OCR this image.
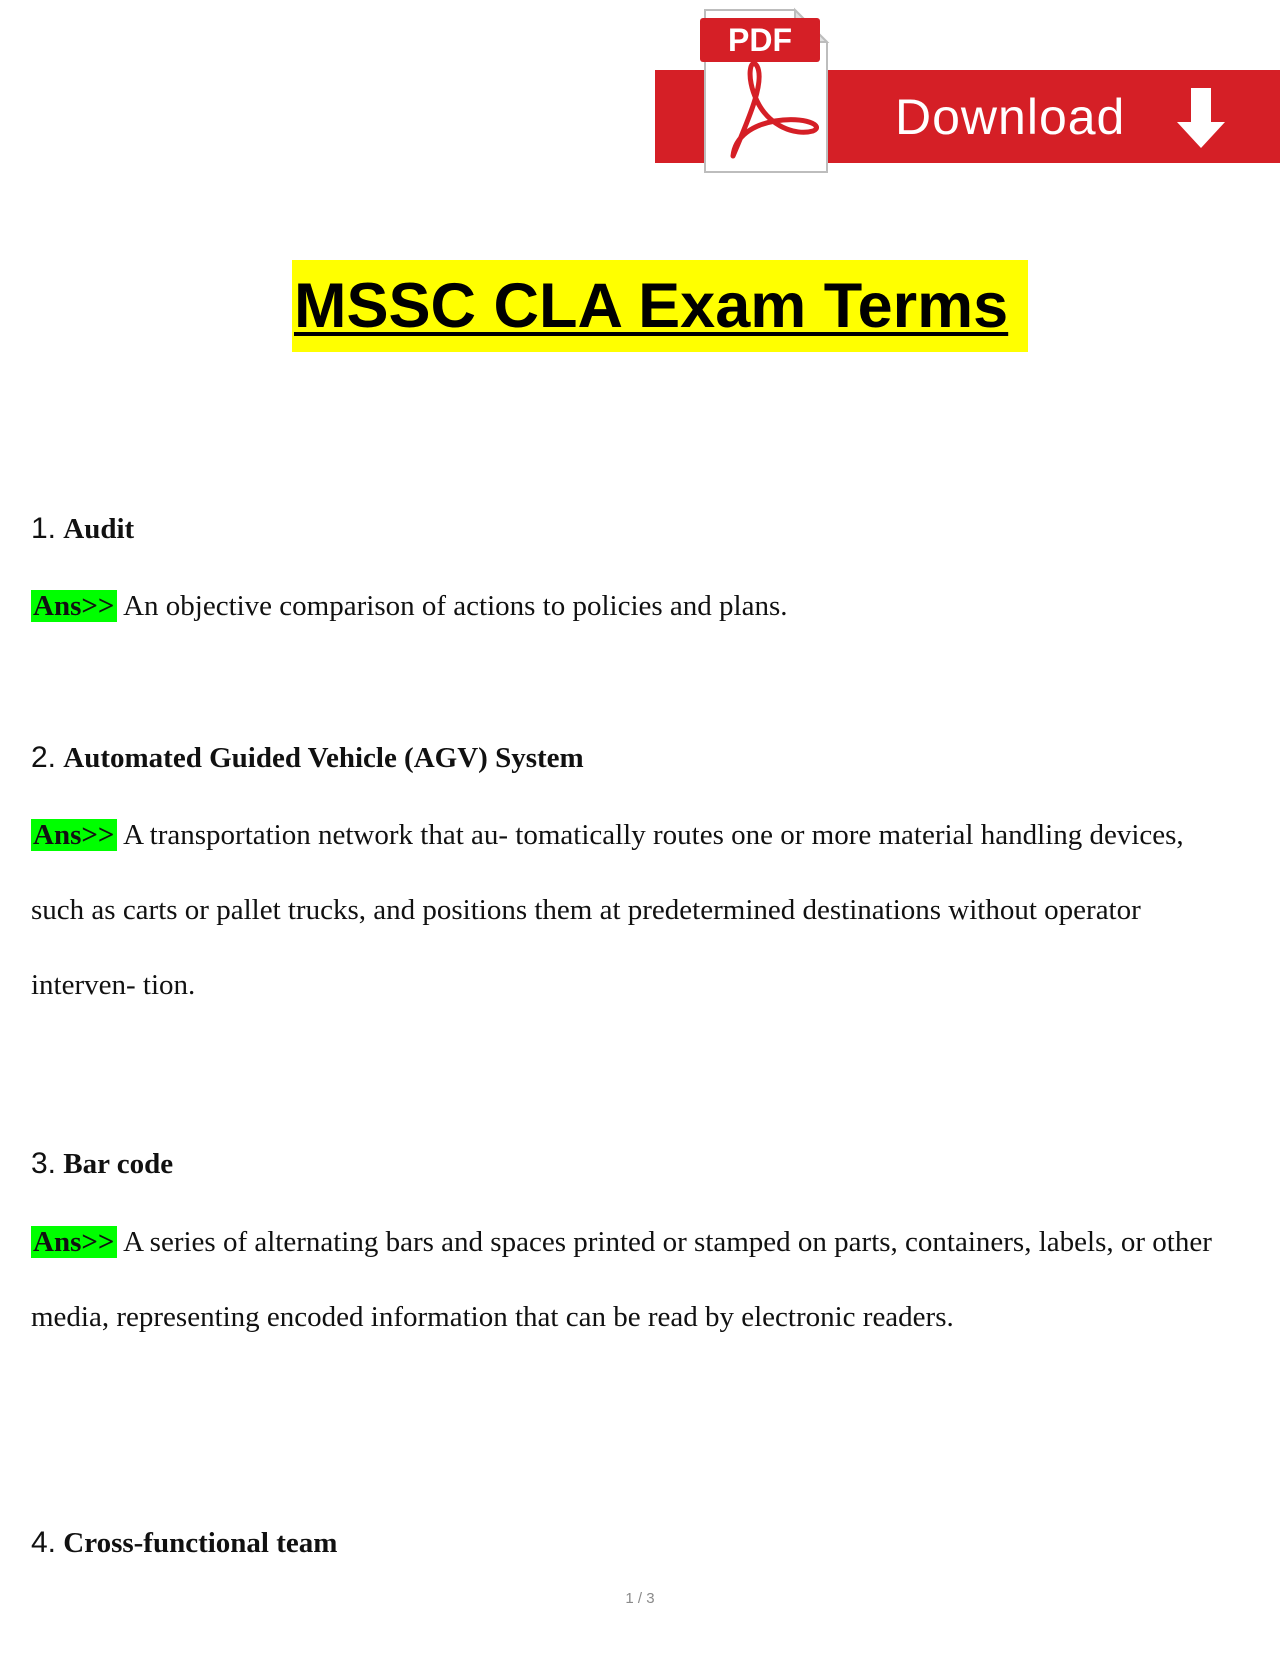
PDF
Download
MSSC CLA Exam Terms
1. Audit
Ans>> An objective comparison of actions to policies and plans.
2. Automated Guided Vehicle (AGV) System
Ans>> A transportation network that au- tomatically routes one or more material handling devices, such as carts or pallet trucks, and positions them at predetermined destinations without operator interven- tion.
3. Bar code
Ans>> A series of alternating bars and spaces printed or stamped on parts, containers, labels, or other media, representing encoded information that can be read by electronic readers.
4. Cross-functional team
1 / 3
